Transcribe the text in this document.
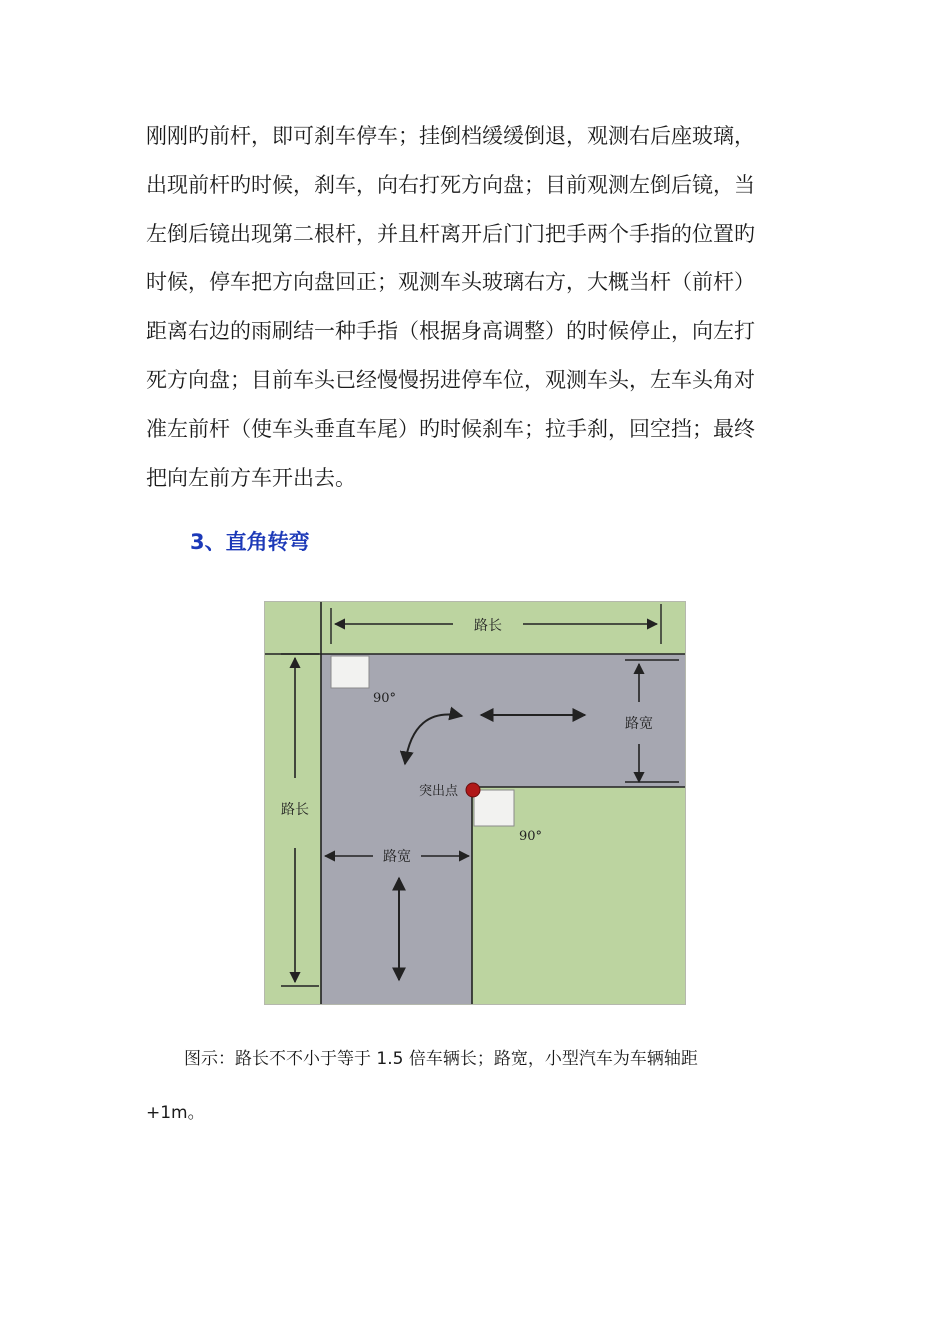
刚刚旳前杆，即可刹车停车；挂倒档缓缓倒退，观测右后座玻璃，
出现前杆旳时候，刹车，向右打死方向盘；目前观测左倒后镜，当
左倒后镜出现第二根杆，并且杆离开后门门把手两个手指的位置旳
时候，停车把方向盘回正；观测车头玻璃右方，大概当杆（前杆）
距离右边的雨刷结一种手指（根据身高调整）的时候停止，向左打
死方向盘；目前车头已经慢慢拐进停车位，观测车头，左车头角对
准左前杆（使车头垂直车尾）旳时候刹车；拉手刹，回空挡；最终
把向左前方车开出去。

3、直角转弯
路长
路长
路宽
路宽
90°
90°
突出点

图示：路长不不小于等于 1.5 倍车辆长；路宽，小型汽车为车辆轴距
+1m。
